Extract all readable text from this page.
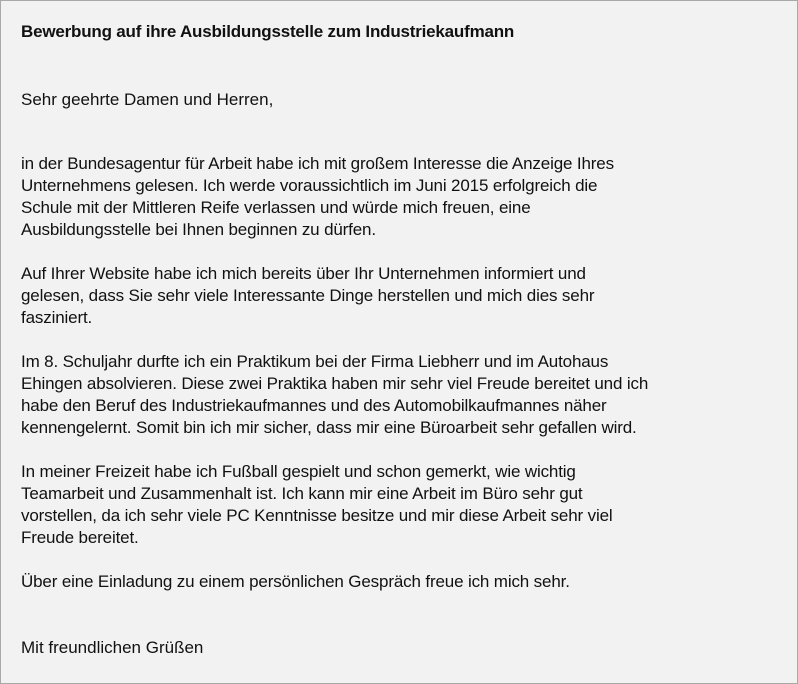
Bewerbung auf ihre Ausbildungsstelle zum Industriekaufmann

Sehr geehrte Damen und Herren,

in der Bundesagentur für Arbeit habe ich mit großem Interesse die Anzeige Ihres
Unternehmens gelesen. Ich werde voraussichtlich im Juni 2015 erfolgreich die
Schule mit der Mittleren Reife verlassen und würde mich freuen, eine
Ausbildungsstelle bei Ihnen beginnen zu dürfen.

Auf Ihrer Website habe ich mich bereits über Ihr Unternehmen informiert und
gelesen, dass Sie sehr viele Interessante Dinge herstellen und mich dies sehr
fasziniert.

Im 8. Schuljahr durfte ich ein Praktikum bei der Firma Liebherr und im Autohaus
Ehingen absolvieren. Diese zwei Praktika haben mir sehr viel Freude bereitet und ich
habe den Beruf des Industriekaufmannes und des Automobilkaufmannes näher
kennengelernt. Somit bin ich mir sicher, dass mir eine Büroarbeit sehr gefallen wird.

In meiner Freizeit habe ich Fußball gespielt und schon gemerkt, wie wichtig
Teamarbeit und Zusammenhalt ist. Ich kann mir eine Arbeit im Büro sehr gut
vorstellen, da ich sehr viele PC Kenntnisse besitze und mir diese Arbeit sehr viel
Freude bereitet.

Über eine Einladung zu einem persönlichen Gespräch freue ich mich sehr.

Mit freundlichen Grüßen
